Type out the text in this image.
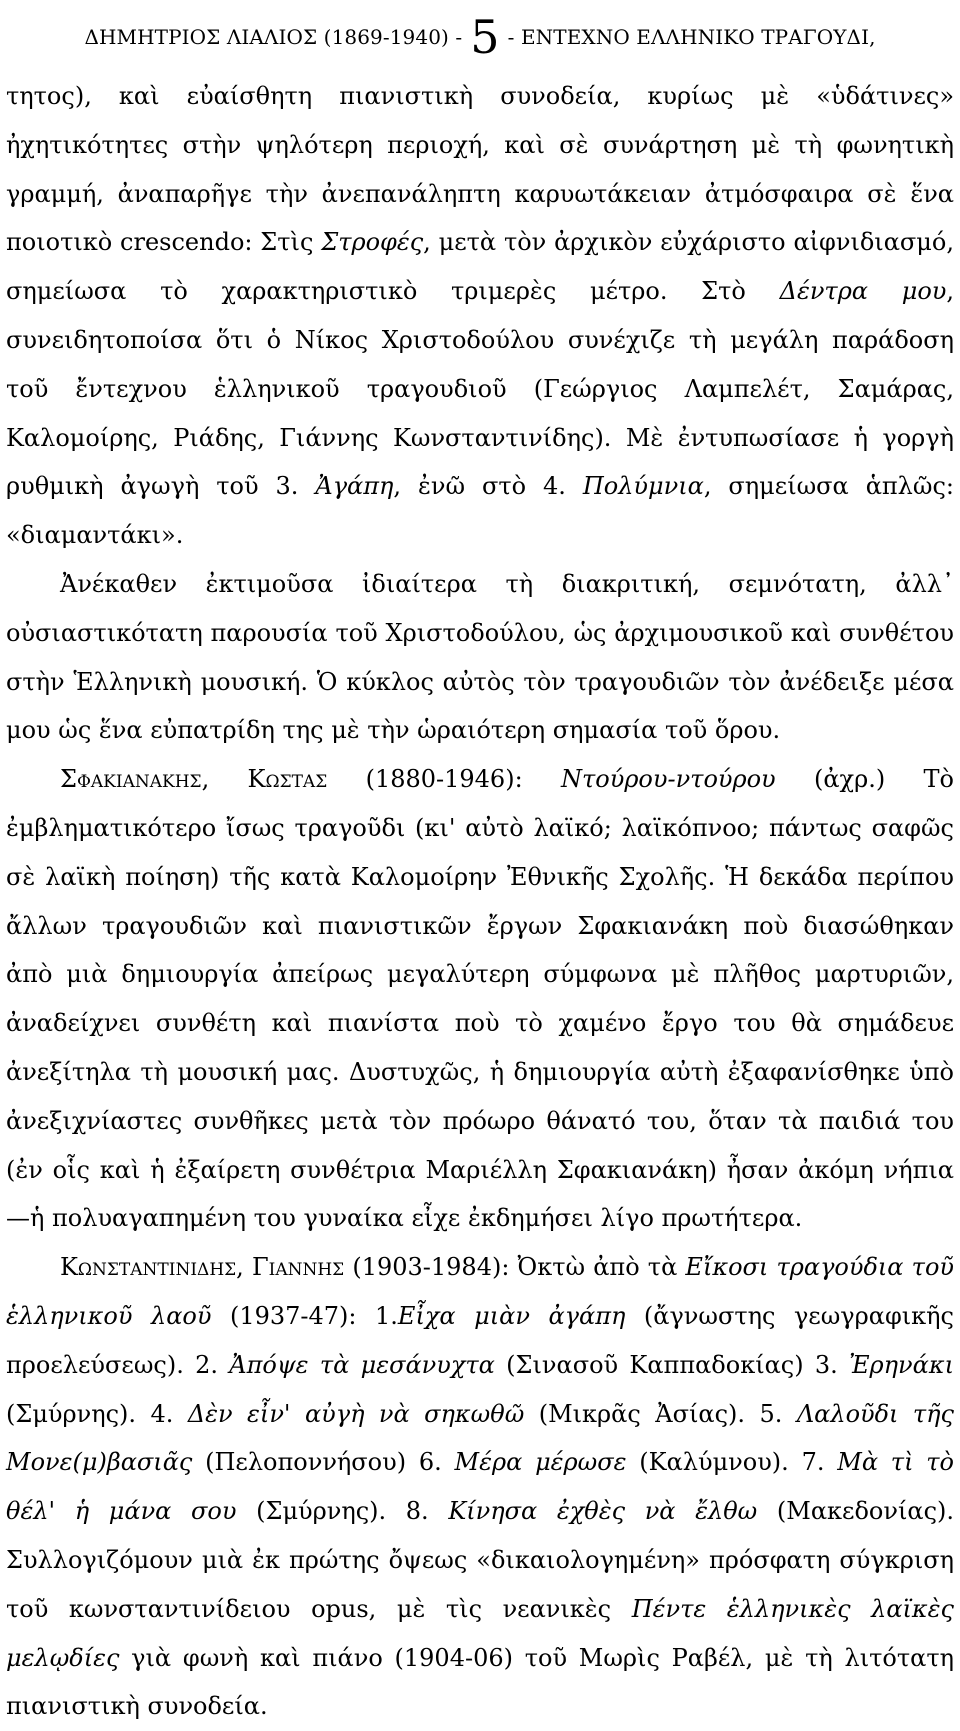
ΔΗΜΗΤΡΙΟΣ ΛΙΑΛΙΟΣ (1869-1940) - 5 - ΕΝΤΕΧΝΟ ΕΛΛΗΝΙΚΟ ΤΡΑΓΟΥΔΙ,

τητος), καὶ εὐαίσθητη πιανιστικὴ συνοδεία, κυρίως μὲ «ὑδάτινες» ἠχητικότητες στὴν ψηλότερη περιοχή, καὶ σὲ συνάρτηση μὲ τὴ φωνητικὴ γραμμή, ἀναπαρῆγε τὴν ἀνεπανάληπτη καρυωτάκειαν ἀτμόσφαιρα σὲ ἕνα ποιοτικὸ crescendo: Στὶς Στροφές, μετὰ τὸν ἀρχικὸν εὐχάριστο αἰφνιδιασμό, σημείωσα τὸ χαρακτηριστικὸ τριμερὲς μέτρο. Στὸ Δέντρα μου, συνειδητοποίσα ὅτι ὁ Νίκος Χριστοδούλου συνέχιζε τὴ μεγάλη παράδοση τοῦ ἔντεχνου ἑλληνικοῦ τραγουδιοῦ (Γεώργιος Λαμπελέτ, Σαμάρας, Καλομοίρης, Ριάδης, Γιάννης Κωνσταντινίδης). Μὲ ἐντυπωσίασε ἡ γοργὴ ρυθμικὴ ἀγωγὴ τοῦ 3. Ἀγάπη, ἐνῶ στὸ 4. Πολύμνια, σημείωσα ἁπλῶς: «διαμαντάκι».

Ἀνέκαθεν ἐκτιμοῦσα ἰδιαίτερα τὴ διακριτική, σεμνότατη, ἀλλ᾽ οὐσιαστικότατη παρουσία τοῦ Χριστοδούλου, ὡς ἀρχιμουσικοῦ καὶ συνθέτου στὴν Ἑλληνικὴ μουσική. Ὁ κύκλος αὐτὸς τὸν τραγουδιῶν τὸν ἀνέδειξε μέσα μου ὡς ἕνα εὐπατρίδη της μὲ τὴν ὡραιότερη σημασία τοῦ ὅρου.

Σφακιανακης, Κωστας (1880-1946): Ντούρου-ντούρου (ἀχρ.) Τὸ ἐμβληματικότερο ἴσως τραγοῦδι (κι' αὐτὸ λαϊκό; λαϊκόπνοο; πάντως σαφῶς σὲ λαϊκὴ ποίηση) τῆς κατὰ Καλομοίρην Ἐθνικῆς Σχολῆς. Ἡ δεκάδα περίπου ἄλλων τραγουδιῶν καὶ πιανιστικῶν ἔργων Σφακιανάκη ποὺ διασώθηκαν ἀπὸ μιὰ δημιουργία ἀπείρως μεγαλύτερη σύμφωνα μὲ πλῆθος μαρτυριῶν, ἀναδείχνει συνθέτη καὶ πιανίστα ποὺ τὸ χαμένο ἔργο του θὰ σημάδευε ἀνεξίτηλα τὴ μουσική μας. Δυστυχῶς, ἡ δημιουργία αὐτὴ ἐξαφανίσθηκε ὑπὸ ἀνεξιχνίαστες συνθῆκες μετὰ τὸν πρόωρο θάνατό του, ὅταν τὰ παιδιά του (ἐν οἷς καὶ ἡ ἐξαίρετη συνθέτρια Μαριέλλη Σφακιανάκη) ἦσαν ἀκόμη νήπια—ἡ πολυαγαπημένη του γυναίκα εἶχε ἐκδημήσει λίγο πρωτήτερα.

Κωνσταντινιδης, Γιαννης (1903-1984): Ὀκτὼ ἀπὸ τὰ Εἴκοσι τραγούδια τοῦ ἑλληνικοῦ λαοῦ (1937-47): 1.Εἶχα μιὰν ἀγάπη (ἄγνωστης γεωγραφικῆς προελεύσεως). 2. Ἀπόψε τὰ μεσάνυχτα (Σινασοῦ Καππαδοκίας) 3. Ἐρηνάκι (Σμύρνης). 4. Δὲν εἶν' αὐγὴ νὰ σηκωθῶ (Μικρᾶς Ἀσίας). 5. Λαλοῦδι τῆς Μονε(μ)βασιᾶς (Πελοποννήσου) 6. Μέρα μέρωσε (Καλύμνου). 7. Μὰ τὶ τὸ θέλ' ἡ μάνα σου (Σμύρνης). 8. Κίνησα ἐχθὲς νὰ ἔλθω (Μακεδονίας). Συλλογιζόμουν μιὰ ἐκ πρώτης ὄψεως «δικαιολογημένη» πρόσφατη σύγκριση τοῦ κωνσταντινίδειου opus, μὲ τὶς νεανικὲς Πέντε ἑλληνικὲς λαϊκὲς μελῳδίες γιὰ φωνὴ καὶ πιάνο (1904-06) τοῦ Μωρὶς Ραβέλ, μὲ τὴ λιτότατη πιανιστικὴ συνοδεία.
